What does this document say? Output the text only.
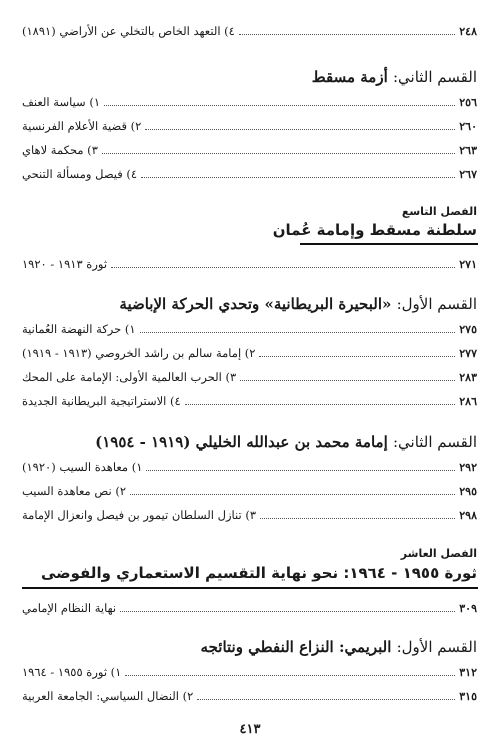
٤) التعهد الخاص بالتخلي عن الأراضي (١٨٩١)	٢٤٨
القسم الثاني: أزمة مسقط
١) سياسة العنف	٢٥٦
٢) قضية الأعلام الفرنسية	٢٦٠
٣) محكمة لاهاي	٢٦٣
٤) فيصل ومسألة التنحي	٢٦٧
الفصل التاسع
سلطنة مسقط وإمامة عُمان
ثورة ١٩١٣ - ١٩٢٠	٢٧١
القسم الأول: «البحيرة البريطانية» وتحدي الحركة الإباضية
١) حركة النهضة العُمانية	٢٧٥
٢) إمامة سالم بن راشد الخروصي (١٩١٣ - ١٩١٩)	٢٧٧
٣) الحرب العالمية الأولى: الإمامة على المحك	٢٨٣
٤) الاستراتيجية البريطانية الجديدة	٢٨٦
القسم الثاني: إمامة محمد بن عبدالله الخليلي (١٩١٩ - ١٩٥٤)
١) معاهدة السيب (١٩٢٠)	٢٩٢
٢) نص معاهدة السيب	٢٩٥
٣) تنازل السلطان تيمور بن فيصل وانعزال الإمامة	٢٩٨
الفصل العاشر
ثورة ١٩٥٥ - ١٩٦٤: نحو نهاية التقسيم الاستعماري والفوضى
نهاية النظام الإمامي	٣٠٩
القسم الأول: البريمي: النزاع النفطي ونتائجه
١) ثورة ١٩٥٥ - ١٩٦٤	٣١٢
٢) النضال السياسي: الجامعة العربية	٣١٥
٤١٣
